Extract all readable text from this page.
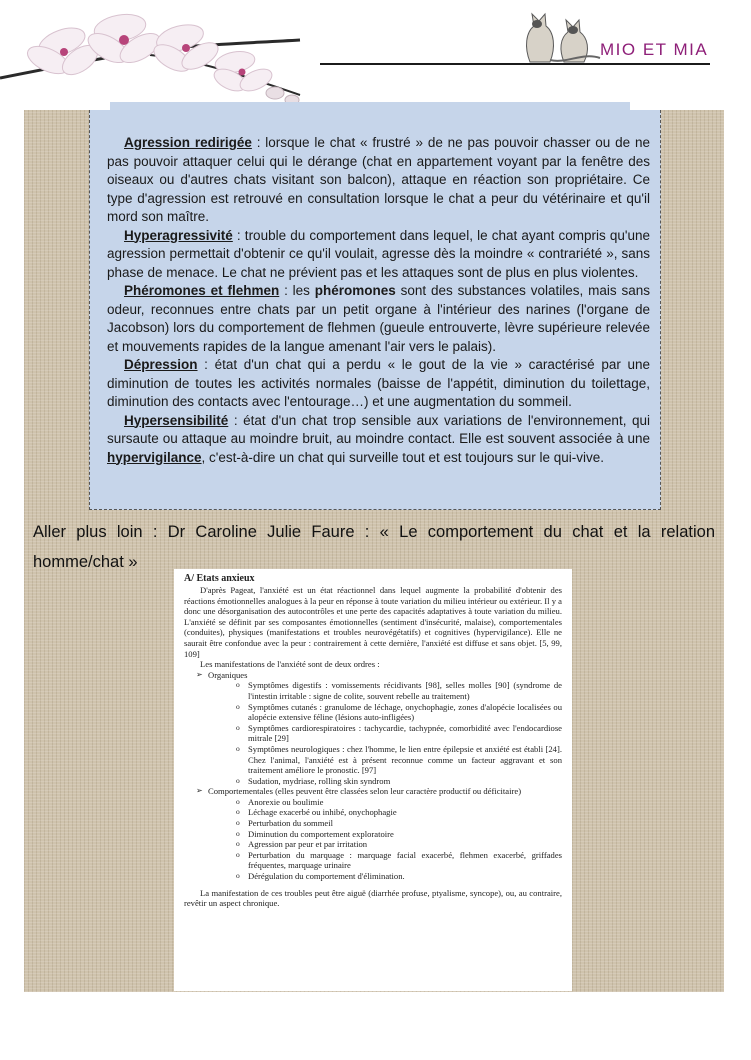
MIO ET MIA

Agression redirigée : lorsque le chat « frustré » de ne pas pouvoir chasser ou de ne pas pouvoir attaquer celui qui le dérange (chat en appartement voyant par la fenêtre des oiseaux ou d'autres chats visitant son balcon), attaque en réaction son propriétaire. Ce type d'agression est retrouvé en consultation lorsque le chat a peur du vétérinaire et qu'il mord son maître.

Hyperagressivité : trouble du comportement dans lequel, le chat ayant compris qu'une agression permettait d'obtenir ce qu'il voulait, agresse dès la moindre « contrariété », sans phase de menace. Le chat ne prévient pas et les attaques sont de plus en plus violentes.

Phéromones et flehmen : les phéromones sont des substances volatiles, mais sans odeur, reconnues entre chats par un petit organe à l'intérieur des narines (l'organe de Jacobson) lors du comportement de flehmen (gueule entrouverte, lèvre supérieure relevée et mouvements rapides de la langue amenant l'air vers le palais).

Dépression : état d'un chat qui a perdu « le gout de la vie » caractérisé par une diminution de toutes les activités normales (baisse de l'appétit, diminution du toilettage, diminution des contacts avec l'entourage…) et une augmentation du sommeil.

Hypersensibilité : état d'un chat trop sensible aux variations de l'environnement, qui sursaute ou attaque au moindre bruit, au moindre contact. Elle est souvent associée à une hypervigilance, c'est-à-dire un chat qui surveille tout et est toujours sur le qui-vive.

Aller plus loin : Dr Caroline Julie Faure : « Le comportement du chat et la relation
homme/chat »
A/ Etats anxieux

D'après Pageat, l'anxiété est un état réactionnel dans lequel augmente la probabilité d'obtenir des réactions émotionnelles analogues à la peur en réponse à toute variation du milieu intérieur ou extérieur. Il y a donc une désorganisation des autocontrôles et une perte des capacités adaptatives à toute variation du milieu. L'anxiété se définit par ses composantes émotionnelles (sentiment d'insécurité, malaise), comportementales (conduites), physiques (manifestations et troubles neurovégétatifs) et cognitives (hypervigilance). Elle ne saurait être confondue avec la peur : contrairement à cette dernière, l'anxiété est diffuse et sans objet. [5, 99, 109]

Les manifestations de l'anxiété sont de deux ordres :

➢ Organiques

o Symptômes digestifs : vomissements récidivants [98], selles molles [90] (syndrome de l'intestin irritable : signe de colite, souvent rebelle au traitement)

o Symptômes cutanés : granulome de léchage, onychophagie, zones d'alopécie localisées ou alopécie extensive féline (lésions auto-infligées)

o Symptômes cardiorespiratoires : tachycardie, tachypnée, comorbidité avec l'endocardiose mitrale [29]

o Symptômes neurologiques : chez l'homme, le lien entre épilepsie et anxiété est établi [24]. Chez l'animal, l'anxiété est à présent reconnue comme un facteur aggravant et son traitement améliore le pronostic. [97]

o Sudation, mydriase, rolling skin syndrom

➢ Comportementales (elles peuvent être classées selon leur caractère productif ou déficitaire)

o Anorexie ou boulimie

o Léchage exacerbé ou inhibé, onychophagie

o Perturbation du sommeil

o Diminution du comportement exploratoire

o Agression par peur et par irritation

o Perturbation du marquage : marquage facial exacerbé, flehmen exacerbé, griffades fréquentes, marquage urinaire

o Dérégulation du comportement d'élimination.

La manifestation de ces troubles peut être aiguë (diarrhée profuse, ptyalisme, syncope), ou, au contraire, revêtir un aspect chronique.
